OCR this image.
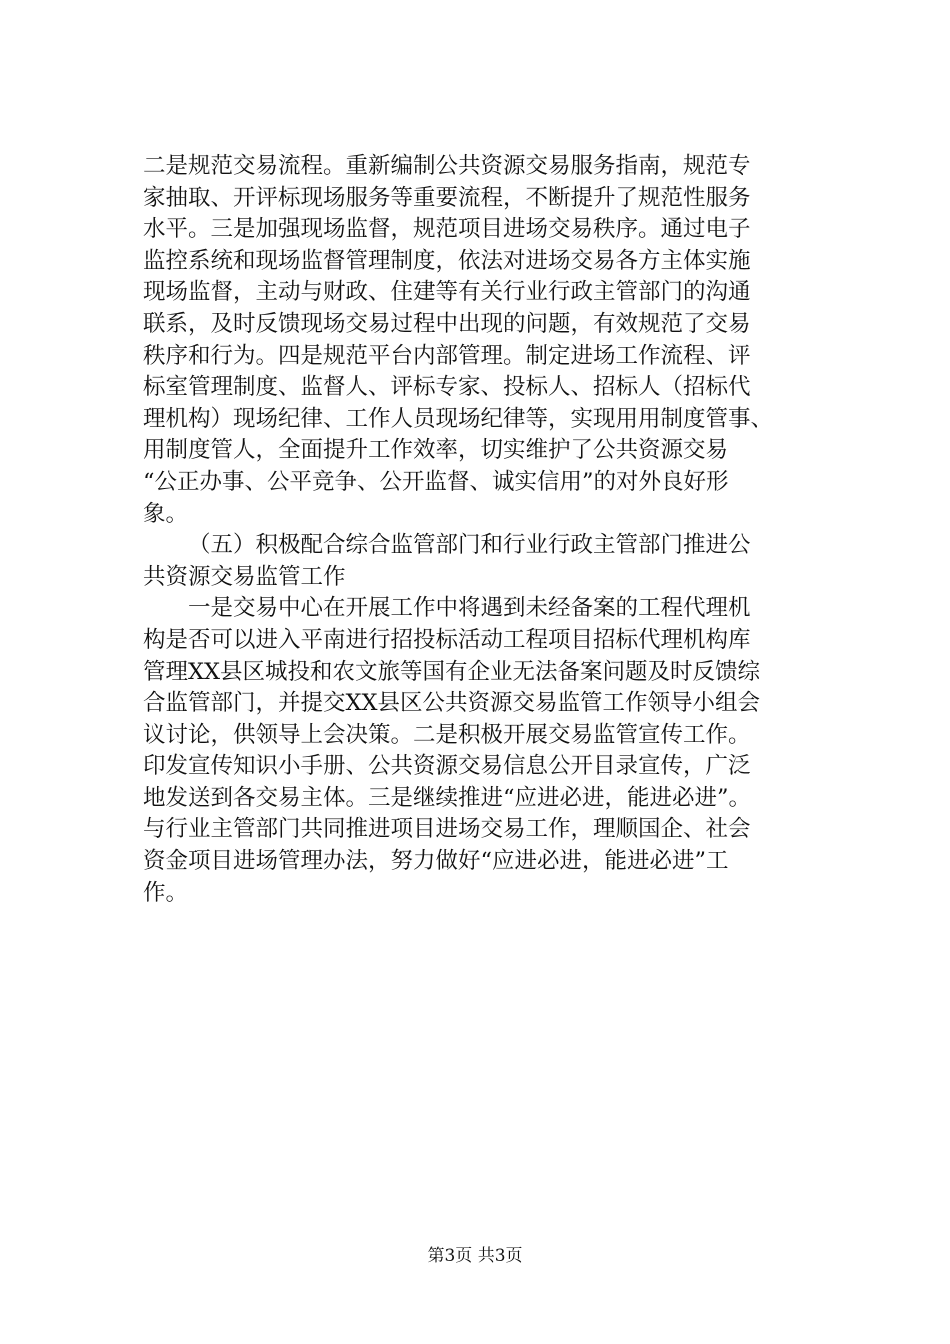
二是规范交易流程。重新编制公共资源交易服务指南，规范专
家抽取、开评标现场服务等重要流程，不断提升了规范性服务
水平。三是加强现场监督，规范项目进场交易秩序。通过电子
监控系统和现场监督管理制度，依法对进场交易各方主体实施
现场监督，主动与财政、住建等有关行业行政主管部门的沟通
联系，及时反馈现场交易过程中出现的问题，有效规范了交易
秩序和行为。四是规范平台内部管理。制定进场工作流程、评
标室管理制度、监督人、评标专家、投标人、招标人（招标代
理机构）现场纪律、工作人员现场纪律等，实现用用制度管事、
用制度管人，全面提升工作效率，切实维护了公共资源交易
“公正办事、公平竞争、公开监督、诚实信用”的对外良好形
象。
（五）积极配合综合监管部门和行业行政主管部门推进公
共资源交易监管工作
一是交易中心在开展工作中将遇到未经备案的工程代理机
构是否可以进入平南进行招投标活动工程项目招标代理机构库
管理XX县区城投和农文旅等国有企业无法备案问题及时反馈综
合监管部门，并提交XX县区公共资源交易监管工作领导小组会
议讨论，供领导上会决策。二是积极开展交易监管宣传工作。
印发宣传知识小手册、公共资源交易信息公开目录宣传，广泛
地发送到各交易主体。三是继续推进“应进必进，能进必进”。
与行业主管部门共同推进项目进场交易工作，理顺国企、社会
资金项目进场管理办法，努力做好“应进必进，能进必进”工
作。
第3页 共3页
